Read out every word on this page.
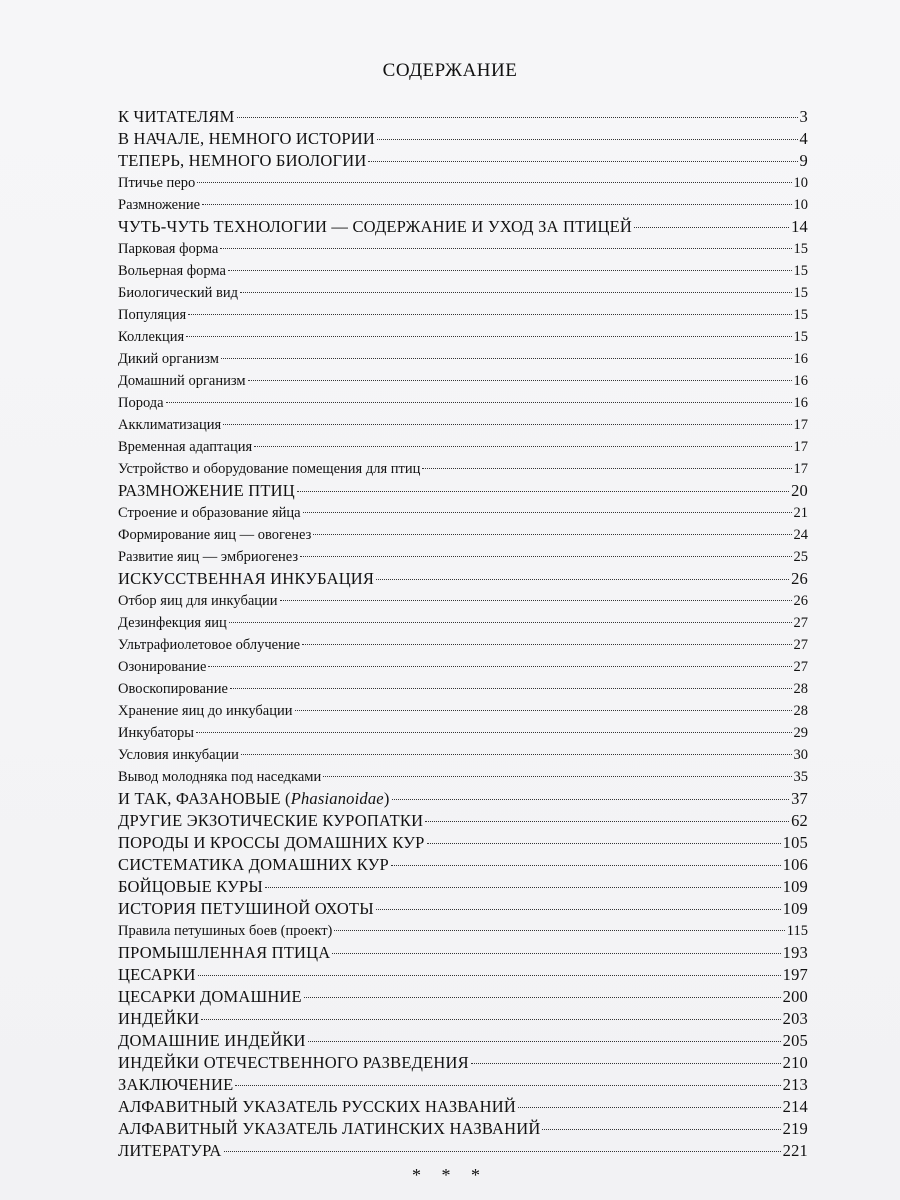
СОДЕРЖАНИЕ
К ЧИТАТЕЛЯМ	3
В НАЧАЛЕ, НЕМНОГО ИСТОРИИ	4
ТЕПЕРЬ, НЕМНОГО БИОЛОГИИ	9
Птичье перо	10
Размножение	10
ЧУТЬ-ЧУТЬ ТЕХНОЛОГИИ — СОДЕРЖАНИЕ И УХОД ЗА ПТИЦЕЙ	14
Парковая форма	15
Вольерная форма	15
Биологический вид	15
Популяция	15
Коллекция	15
Дикий организм	16
Домашний организм	16
Порода	16
Акклиматизация	17
Временная адаптация	17
Устройство и оборудование помещения для птиц	17
РАЗМНОЖЕНИЕ ПТИЦ	20
Строение и образование яйца	21
Формирование яиц — овогенез	24
Развитие яиц — эмбриогенез	25
ИСКУССТВЕННАЯ ИНКУБАЦИЯ	26
Отбор яиц для инкубации	26
Дезинфекция яиц	27
Ультрафиолетовое облучение	27
Озонирование	27
Овоскопирование	28
Хранение яиц до инкубации	28
Инкубаторы	29
Условия инкубации	30
Вывод молодняка под наседками	35
И ТАК, ФАЗАНОВЫЕ (Phasianoidae)	37
ДРУГИЕ ЭКЗОТИЧЕСКИЕ КУРОПАТКИ	62
ПОРОДЫ И КРОССЫ ДОМАШНИХ КУР	105
СИСТЕМАТИКА ДОМАШНИХ КУР	106
БОЙЦОВЫЕ КУРЫ	109
ИСТОРИЯ ПЕТУШИНОЙ ОХОТЫ	109
Правила петушиных боев (проект)	115
ПРОМЫШЛЕННАЯ ПТИЦА	193
ЦЕСАРКИ	197
ЦЕСАРКИ ДОМАШНИЕ	200
ИНДЕЙКИ	203
ДОМАШНИЕ ИНДЕЙКИ	205
ИНДЕЙКИ ОТЕЧЕСТВЕННОГО РАЗВЕДЕНИЯ	210
ЗАКЛЮЧЕНИЕ	213
АЛФАВИТНЫЙ УКАЗАТЕЛЬ РУССКИХ НАЗВАНИЙ	214
АЛФАВИТНЫЙ УКАЗАТЕЛЬ ЛАТИНСКИХ НАЗВАНИЙ	219
ЛИТЕРАТУРА	221
* * *
